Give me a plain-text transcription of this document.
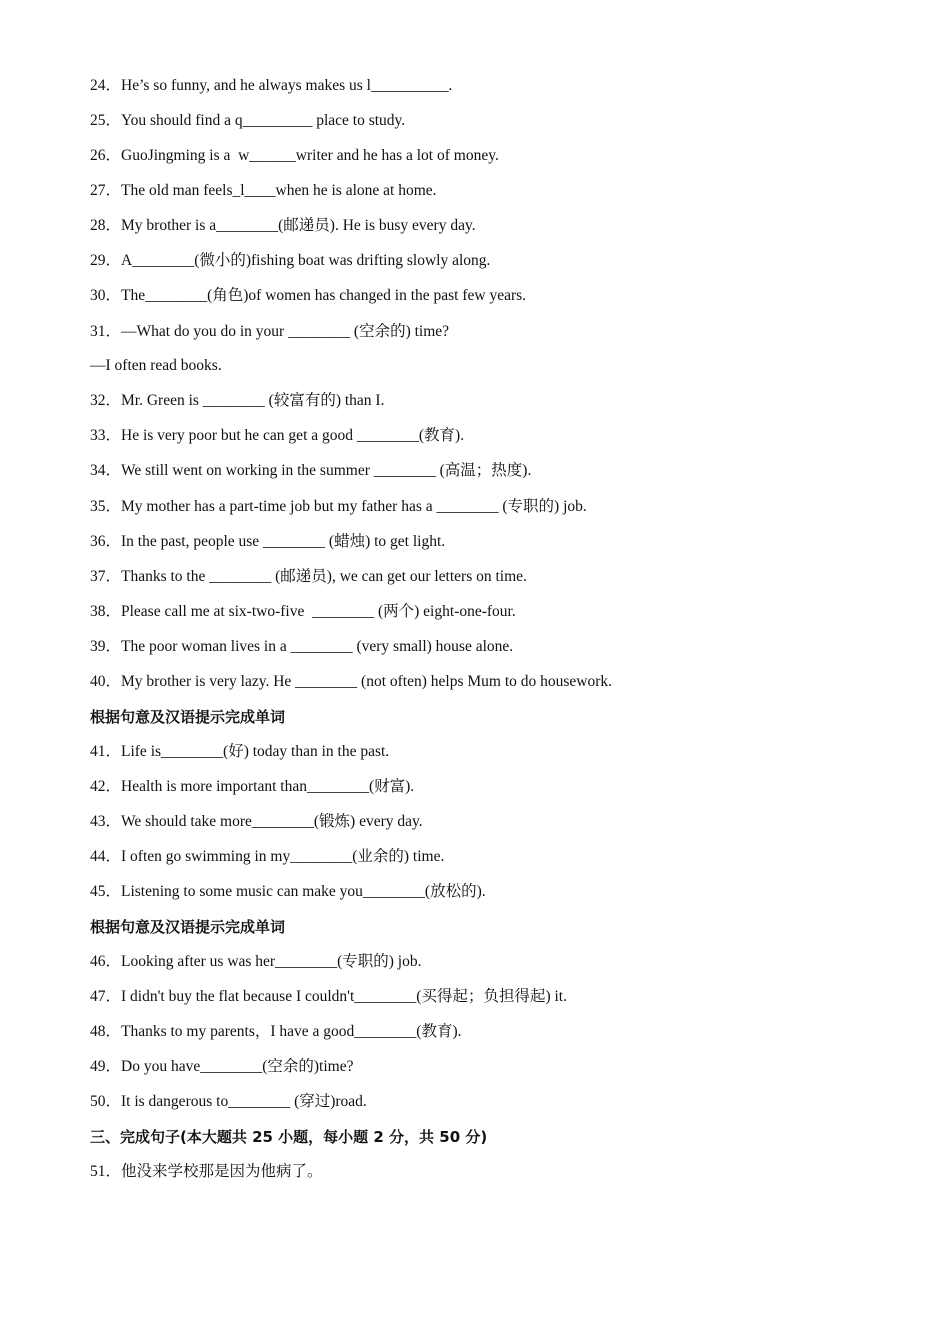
24．He’s so funny, and he always makes us l__________.
25．You should find a q_________ place to study.
26．GuoJingming is a  w______writer and he has a lot of money.
27．The old man feels_l____when he is alone at home.
28．My brother is a________(邮递员). He is busy every day.
29．A________(微小的)fishing boat was drifting slowly along.
30．The________(角色)of women has changed in the past few years.
31．—What do you do in your ________ (空余的) time?
—I often read books.
32．Mr. Green is ________ (较富有的) than I.
33．He is very poor but he can get a good ________(教育).
34．We still went on working in the summer ________ (高温；热度).
35．My mother has a part-time job but my father has a ________ (专职的) job.
36．In the past, people use ________ (蜡烛) to get light.
37．Thanks to the ________ (邮递员), we can get our letters on time.
38．Please call me at six-two-five  ________ (两个) eight-one-four.
39．The poor woman lives in a ________ (very small) house alone.
40．My brother is very lazy. He ________ (not often) helps Mum to do housework.
根据句意及汉语提示完成单词
41．Life is________(好) today than in the past.
42．Health is more important than________(财富).
43．We should take more________(锻炼) every day.
44．I often go swimming in my________(业余的) time.
45．Listening to some music can make you________(放松的).
根据句意及汉语提示完成单词
46．Looking after us was her________(专职的) job.
47．I didn't buy the flat because I couldn't________(买得起；负担得起) it.
48．Thanks to my parents，I have a good________(教育).
49．Do you have________(空余的)time?
50．It is dangerous to________ (穿过)road.
三、完成句子(本大题共 25 小题，每小题 2 分，共 50 分)
51．他没来学校那是因为他病了。
